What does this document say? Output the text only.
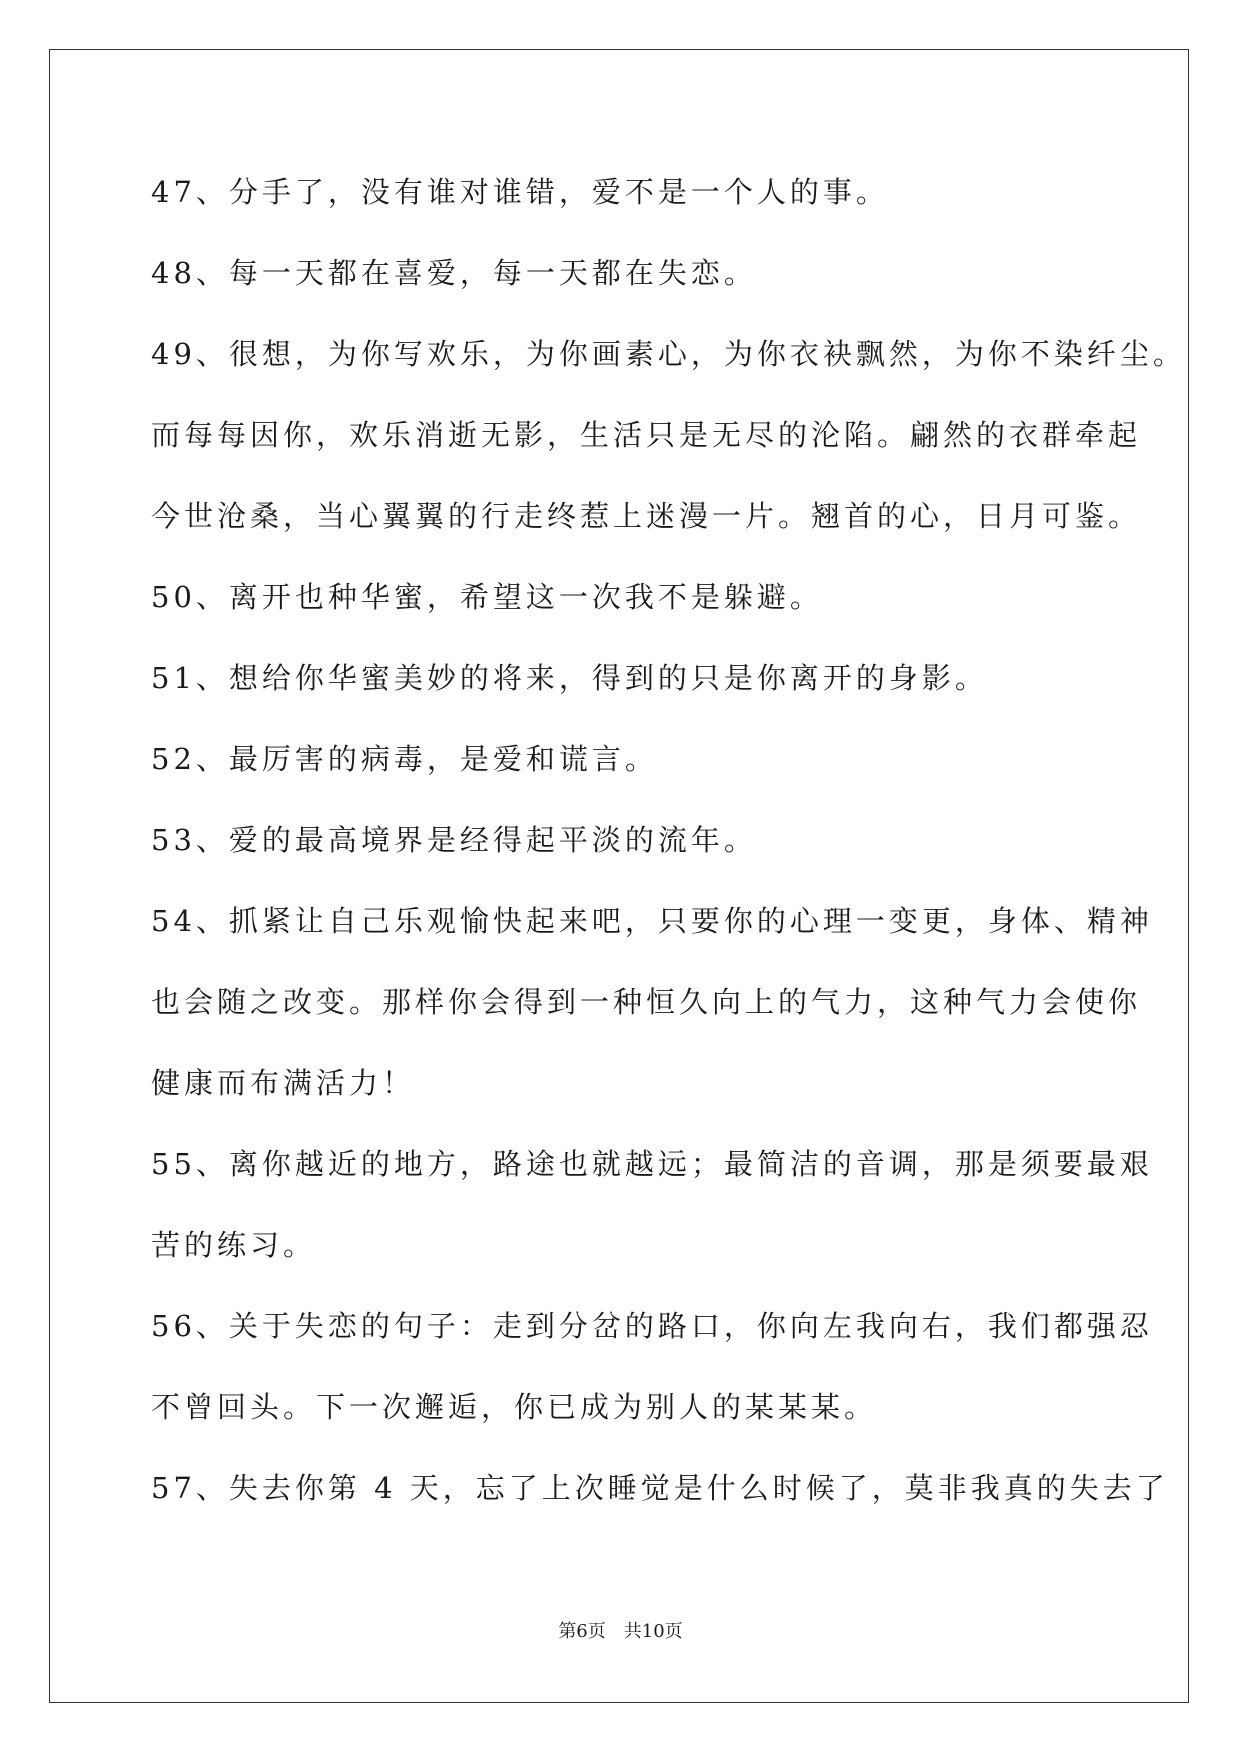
47、分手了，没有谁对谁错，爱不是一个人的事。
48、每一天都在喜爱，每一天都在失恋。
49、很想，为你写欢乐，为你画素心，为你衣袂飘然，为你不染纤尘。
而每每因你，欢乐消逝无影，生活只是无尽的沦陷。翩然的衣群牵起
今世沧桑，当心翼翼的行走终惹上迷漫一片。翘首的心，日月可鉴。
50、离开也种华蜜，希望这一次我不是躲避。
51、想给你华蜜美妙的将来，得到的只是你离开的身影。
52、最厉害的病毒，是爱和谎言。
53、爱的最高境界是经得起平淡的流年。
54、抓紧让自己乐观愉快起来吧，只要你的心理一变更，身体、精神
也会随之改变。那样你会得到一种恒久向上的气力，这种气力会使你
健康而布满活力！
55、离你越近的地方，路途也就越远；最简洁的音调，那是须要最艰
苦的练习。
56、关于失恋的句子：走到分岔的路口，你向左我向右，我们都强忍
不曾回头。下一次邂逅，你已成为别人的某某某。
57、失去你第 4 天，忘了上次睡觉是什么时候了，莫非我真的失去了
第6页 共10页
